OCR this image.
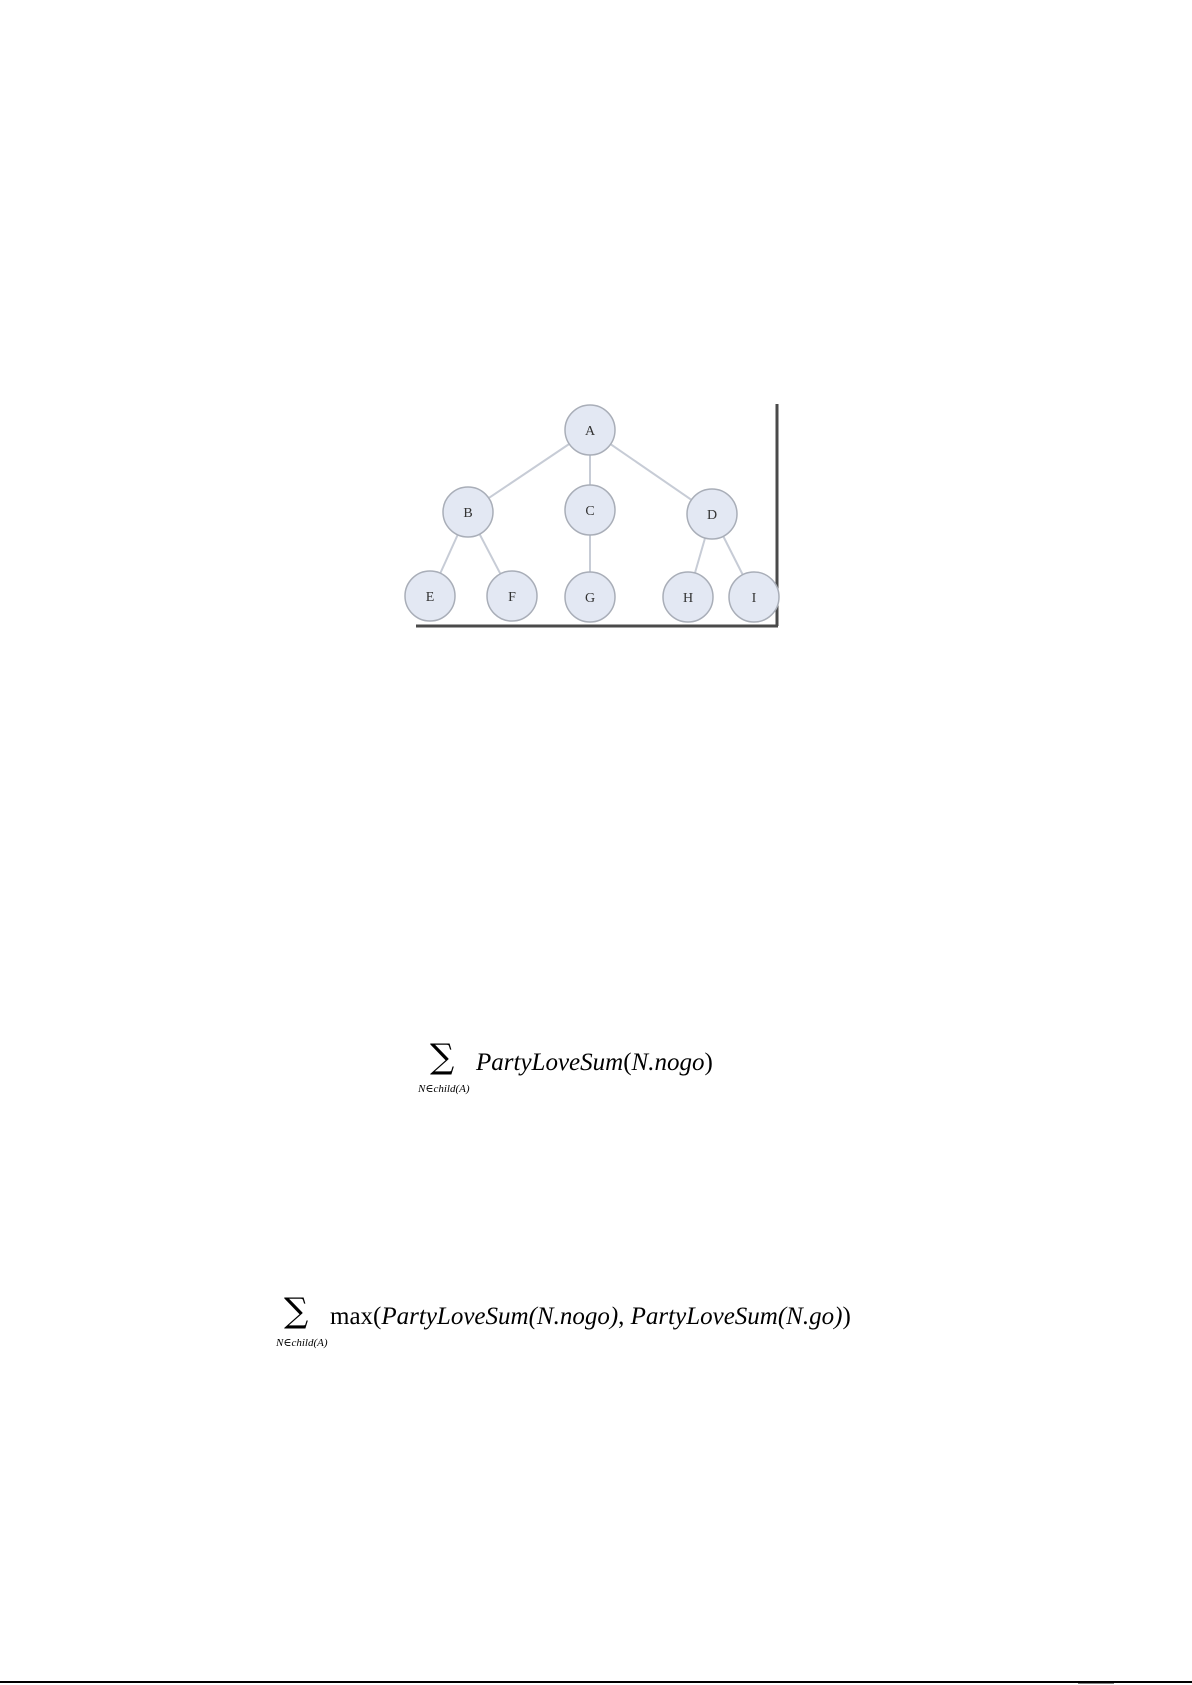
A
B	C	D
E	F	G	H	I
∑
N∈child(A)
PartyLoveSum(N.nogo)
∑
N∈child(A)
max(PartyLoveSum(N.nogo), PartyLoveSum(N.go))
